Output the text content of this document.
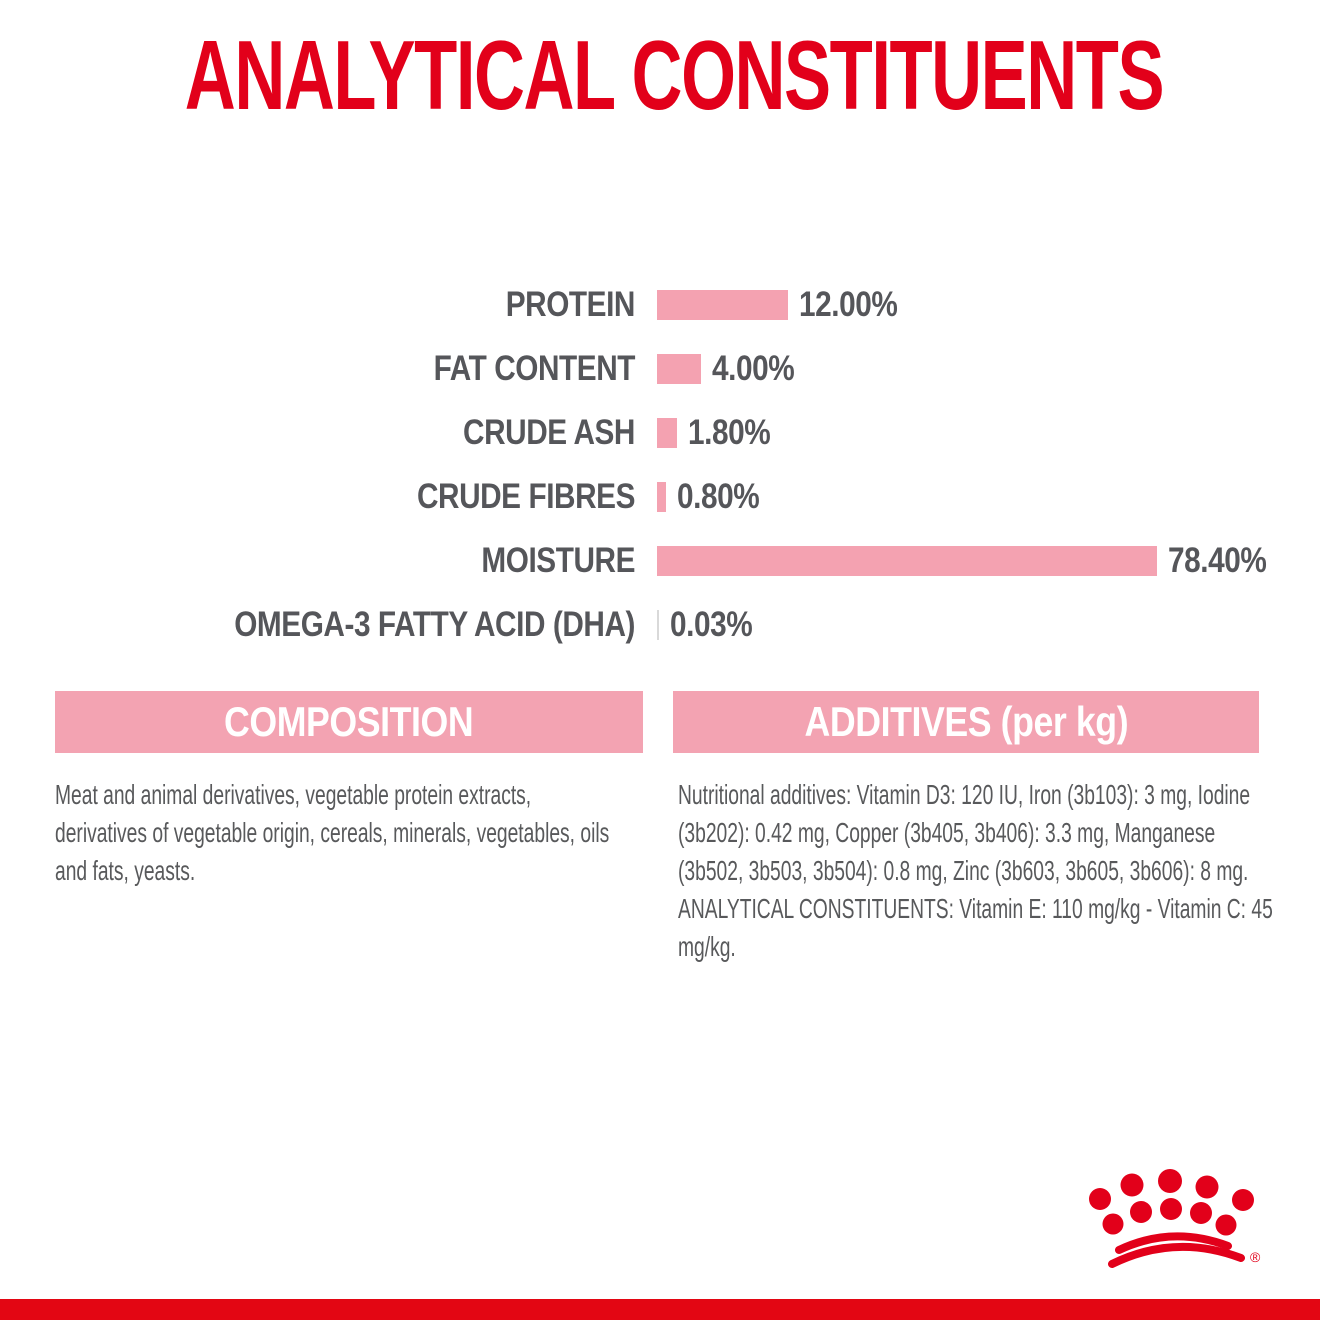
ANALYTICAL CONSTITUENTS
PROTEIN	12.00%
FAT CONTENT 4.00%
CRUDE ASH 1.80%
CRUDE FIBRES 0.80%
MOISTURE	78.40%
OMEGA-3 FATTY ACID (DHA) 0.03%
COMPOSITION	ADDITIVES (per kg)

Meat and animal derivatives, vegetable protein extracts, derivatives of vegetable origin, cereals, minerals, vegetables, oils and fats, yeasts.

Nutritional additives: Vitamin D3: 120 IU, Iron (3b103): 3 mg, Iodine (3b202): 0.42 mg, Copper (3b405, 3b406): 3.3 mg, Manganese (3b502, 3b503, 3b504): 0.8 mg, Zinc (3b603, 3b605, 3b606): 8 mg.

ANALYTICAL CONSTITUENTS: Vitamin E: 110 mg/kg - Vitamin C: 45 mg/kg.

®
